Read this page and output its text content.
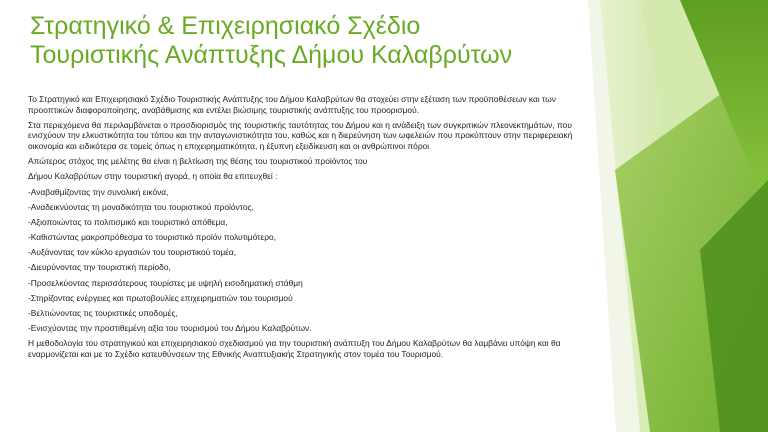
Στρατηγικό & Επιχειρησιακό Σχέδιο
Τουριστικής Ανάπτυξης Δήμου Καλαβρύτων

Το Στρατηγικό και Επιχειρησιακό Σχέδιο Τουριστικής Ανάπτυξης του Δήμου Καλαβρύτων θα στοχεύει στην εξέταση των προϋποθέσεων και των προοπτικών διαφοροποίησης, αναβάθμισης και εντέλει βιώσιμης τουριστικής ανάπτυξης του προορισμού.

Στα περιεχόμενα θα περιλαμβάνεται ο προσδιορισμός της τουριστικής ταυτότητας του Δήμου και η ανάδειξη των συγκριτικών πλεονεκτημάτων, που ενισχύουν την ελκυστικότητα του τόπου και την ανταγωνιστικότητα του, καθώς και η διερεύνηση των ωφελειών που προκύπτουν στην περιφερειακή οικονομία και ειδικότερα σε τομείς όπως η επιχειρηματικότητα, η έξυπνη εξειδίκευση και οι ανθρώπινοι πόροι

Απώτερος στόχος της μελέτης θα είναι η βελτίωση της θέσης του τουριστικού προϊόντος του

Δήμου Καλαβρύτων στην τουριστική αγορά, η οποία θα επιτευχθεί :

-Αναβαθμίζοντας την συνολική εικόνα,

-Αναδεικνύοντας τη μοναδικότητα του τουριστικού προϊόντος,

-Αξιοποιώντας το πολιτισμικό και τουριστικό απόθεμα,

-Καθιστώντας μακροπρόθεσμα το τουριστικό προϊόν πολυτιμότερο,

-Αυξάνοντας τον κύκλο εργασιών του τουριστικού τομέα,

-Διευρύνοντας την τουριστική περίοδο,

-Προσελκύοντας περισσότερους τουρίστες με υψηλή εισοδηματική στάθμη

-Στηρίζοντας ενέργειες και πρωτοβουλίες επιχειρηματιών του τουρισμού

-Βελτιώνοντας τις τουριστικές υποδομές,

-Ενισχύοντας την προστιθεμένη αξία του τουρισμού του Δήμου Καλαβρύτων.

Η μεθοδολογία του στρατηγικού και επιχειρησιακού σχεδιασμού για την τουριστική ανάπτυξη του Δήμου Καλαβρύτων θα λαμβάνει υπόψη και θα εναρμονίζεται και με το Σχέδιο κατευθύνσεων της Εθνικής Αναπτυξιακής Στρατηγικής στον τομέα του Τουρισμού.
